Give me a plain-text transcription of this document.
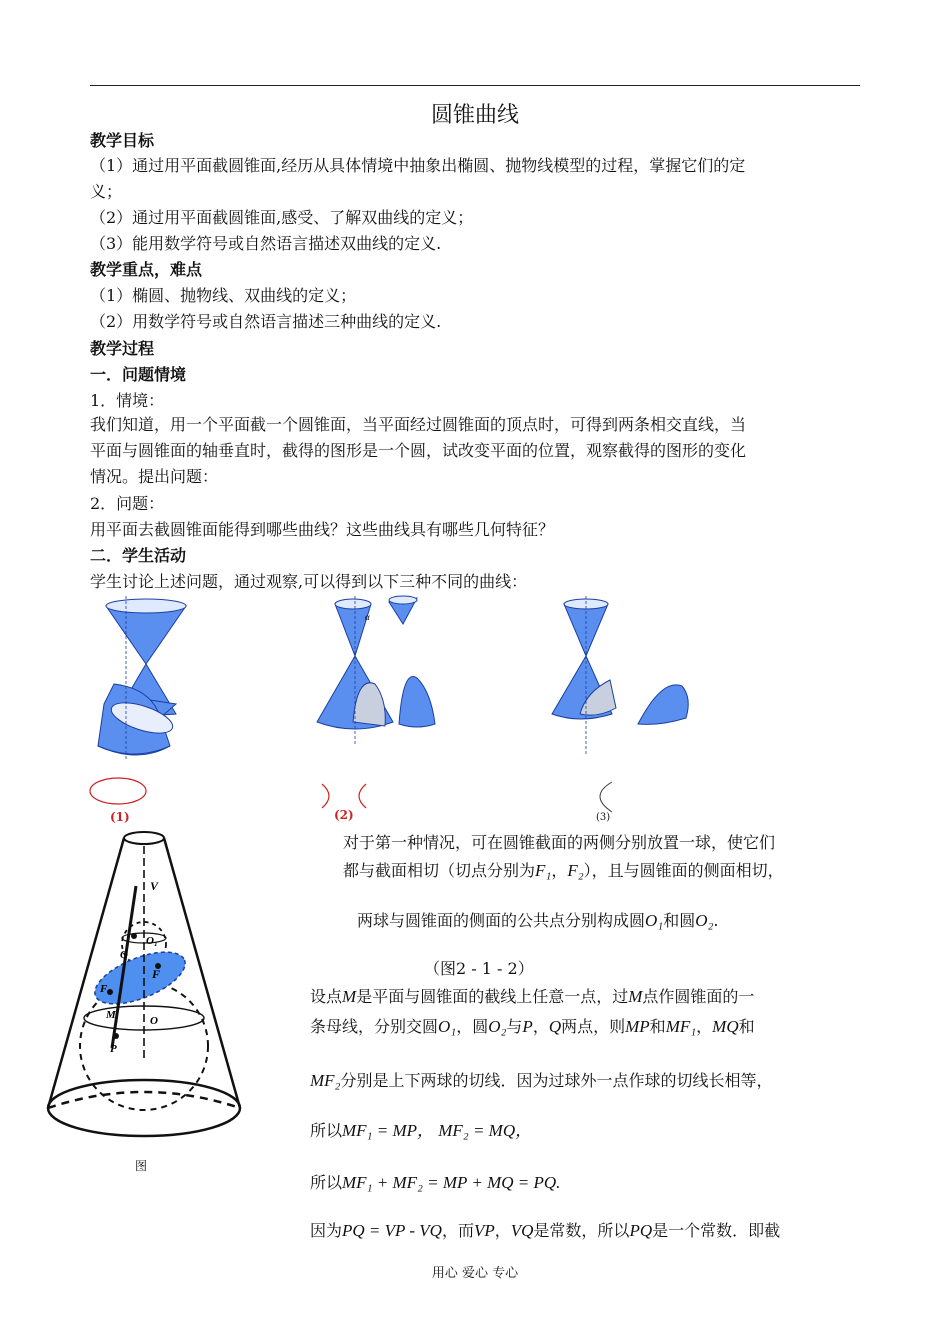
圆锥曲线
教学目标
（1）通过用平面截圆锥面,经历从具体情境中抽象出椭圆、抛物线模型的过程，掌握它们的定
义；
（2）通过用平面截圆锥面,感受、了解双曲线的定义；
（3）能用数学符号或自然语言描述双曲线的定义.
教学重点，难点
（1）椭圆、抛物线、双曲线的定义；
（2）用数学符号或自然语言描述三种曲线的定义.
教学过程
一．问题情境
1．情境：
我们知道，用一个平面截一个圆锥面，当平面经过圆锥面的顶点时，可得到两条相交直线，当
平面与圆锥面的轴垂直时，截得的图形是一个圆，试改变平面的位置，观察截得的图形的变化
情况。提出问题：
2．问题：
用平面去截圆锥面能得到哪些曲线？这些曲线具有哪些几何特征？
二．学生活动
学生讨论上述问题，通过观察,可以得到以下三种不同的曲线：
α
(1)	(2)	(3)
V
Q
O₁
F
F₁
M	O
P
图
对于第一种情况，可在圆锥截面的两侧分别放置一球，使它们
都与截面相切（切点分别为F₁，F₂），且与圆锥面的侧面相切，
两球与圆锥面的侧面的公共点分别构成圆O₁和圆O₂.
（图2 - 1 - 2）
设点M是平面与圆锥面的截线上任意一点，过M点作圆锥面的一
条母线，分别交圆O₁，圆O₂与P，Q两点，则MP和MF₁，MQ和
MF₂分别是上下两球的切线．因为过球外一点作球的切线长相等，
所以MF₁ = MP， MF₂ = MQ，
所以MF₁ + MF₂ = MP + MQ = PQ.
因为PQ = VP - VQ，而VP，VQ是常数，所以PQ是一个常数．即截
用心 爱心 专心
